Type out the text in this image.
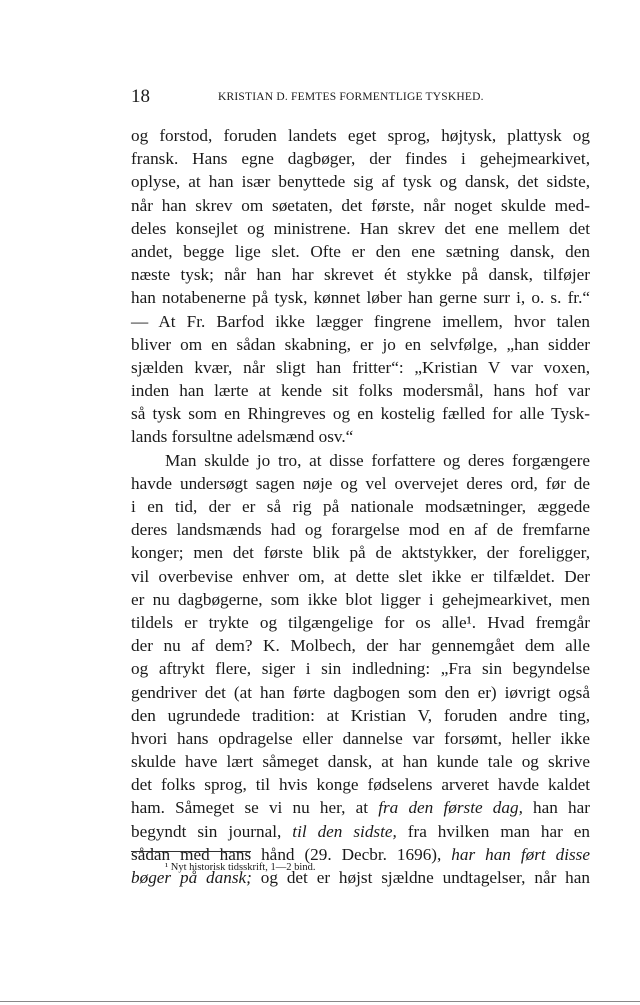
18	KRISTIAN D. FEMTES FORMENTLIGE TYSKHED.
og forstod, foruden landets eget sprog, højtysk, plattysk og
fransk. Hans egne dagbøger, der findes i gehejmearkivet,
oplyse, at han især benyttede sig af tysk og dansk, det sidste,
når han skrev om søetaten, det første, når noget skulde med-
deles konsejlet og ministrene. Han skrev det ene mellem det
andet, begge lige slet. Ofte er den ene sætning dansk, den
næste tysk; når han har skrevet ét stykke på dansk, tilføjer
han notabenerne på tysk, kønnet løber han gerne surr i, o. s. fr.“
— At Fr. Barfod ikke lægger fingrene imellem, hvor talen
bliver om en sådan skabning, er jo en selvfølge, „han sidder
sjælden kvær, når sligt han fritter“: „Kristian V var voxen,
inden han lærte at kende sit folks modersmål, hans hof var
så tysk som en Rhingreves og en kostelig fælled for alle Tysk-
lands forsultne adelsmænd osv.“
Man skulde jo tro, at disse forfattere og deres forgængere
havde undersøgt sagen nøje og vel overvejet deres ord, før de
i en tid, der er så rig på nationale modsætninger, æggede
deres landsmænds had og forargelse mod en af de fremfarne
konger; men det første blik på de aktstykker, der foreligger,
vil overbevise enhver om, at dette slet ikke er tilfældet. Der
er nu dagbøgerne, som ikke blot ligger i gehejmearkivet, men
tildels er trykte og tilgængelige for os alle¹. Hvad fremgår
der nu af dem? K. Molbech, der har gennemgået dem alle
og aftrykt flere, siger i sin indledning: „Fra sin begyndelse
gendriver det (at han førte dagbogen som den er) iøvrigt også
den ugrundede tradition: at Kristian V, foruden andre ting,
hvori hans opdragelse eller dannelse var forsømt, heller ikke
skulde have lært såmeget dansk, at han kunde tale og skrive
det folks sprog, til hvis konge fødselens arveret havde kaldet
ham. Såmeget se vi nu her, at fra den første dag, han har
begyndt sin journal, til den sidste, fra hvilken man har en
sådan med hans hånd (29. Decbr. 1696), har han ført disse
bøger på dansk; og det er højst sjældne undtagelser, når han
¹ Nyt historisk tidsskrift, 1—2 bind.
